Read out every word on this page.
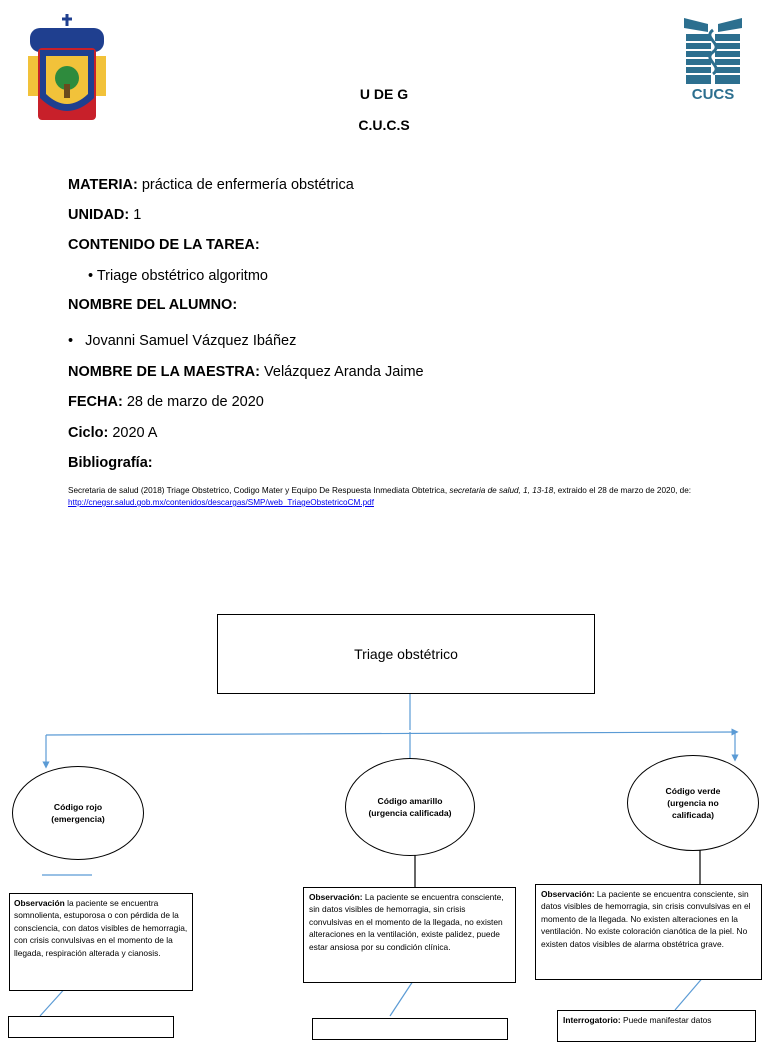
CUCS
U DE G
C.U.C.S
MATERIA: práctica de enfermería obstétrica
UNIDAD: 1
CONTENIDO DE LA TAREA:
• Triage obstétrico algoritmo
NOMBRE DEL ALUMNO:
• Jovanni Samuel Vázquez Ibáñez
NOMBRE DE LA MAESTRA: Velázquez Aranda Jaime
FECHA: 28 de marzo de 2020
Ciclo: 2020 A
Bibliografía:
Secretaria de salud (2018) Triage Obstetrico, Codigo Mater y Equipo De Respuesta Inmediata Obtetrica, secretaria de salud, 1, 13-18, extraido el 28 de marzo de 2020, de: http://cnegsr.salud.gob.mx/contenidos/descargas/SMP/web_TriageObstetricoCM.pdf
Triage obstétrico
Código rojo
(emergencia)
Código amarillo
(urgencia calificada)
Código verde
(urgencia no calificada)
Observación la paciente se encuentra somnolienta, estuporosa o con pérdida de la consciencia, con datos visibles de hemorragia, con crisis convulsivas en el momento de la llegada, respiración alterada y cianosis.
Observación: La paciente se encuentra consciente, sin datos visibles de hemorragia, sin crisis convulsivas en el momento de la llegada, no existen alteraciones en la ventilación, existe palidez, puede estar ansiosa por su condición clínica.
Observación: La paciente se encuentra consciente, sin datos visibles de hemorragia, sin crisis convulsivas en el momento de la llegada. No existen alteraciones en la ventilación. No existe coloración cianótica de la piel. No existen datos visibles de alarma obstétrica grave.
Interrogatorio: Puede manifestar datos
